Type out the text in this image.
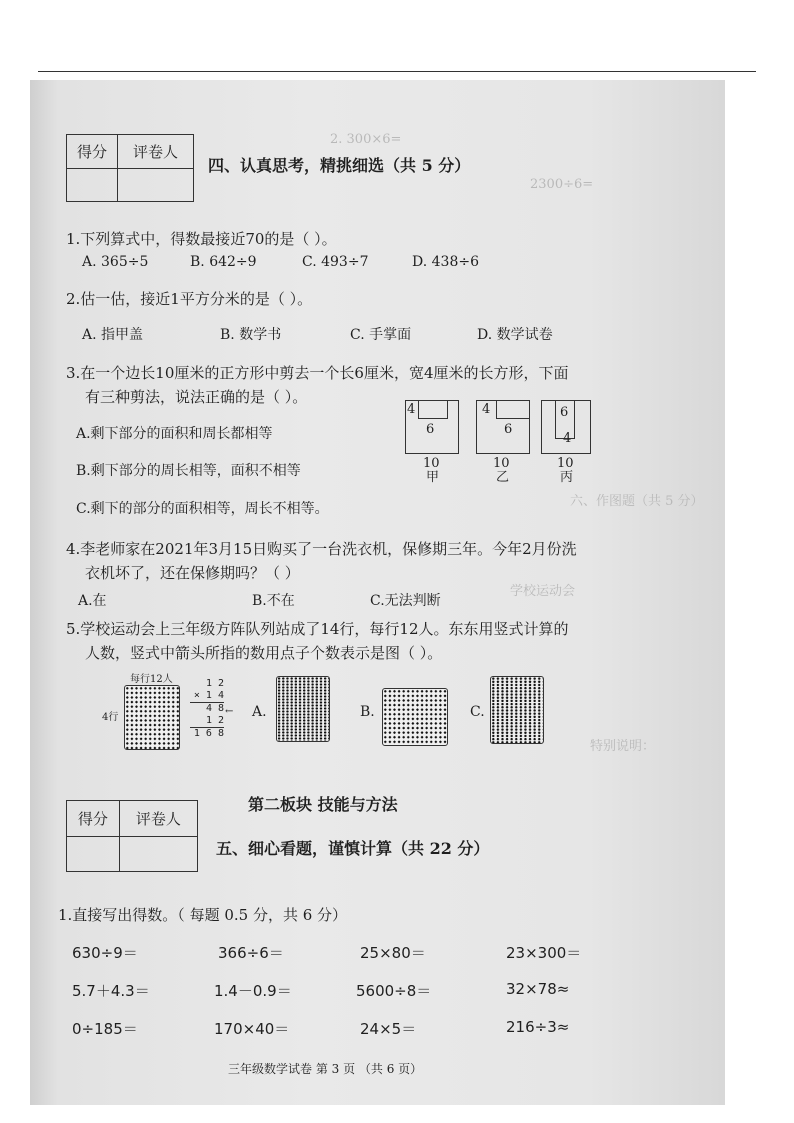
2. 300×6=
2300÷6=
六、作图题（共 5 分）
学校运动会
特别说明：
得分	评卷人

四、认真思考，精挑细选（共 5 分）
1.下列算式中，得数最接近70的是（ ）。
A. 365÷5	B. 642÷9	C. 493÷7	D. 438÷6
2.估一估，接近1平方分米的是（ ）。
A. 指甲盖	B. 数学书	C. 手掌面	D. 数学试卷
3.在一个边长10厘米的正方形中剪去一个长6厘米，宽4厘米的长方形，下面
有三种剪法，说法正确的是（ ）。
A.剩下部分的面积和周长都相等
B.剩下部分的周长相等，面积不相等
C.剩下的部分的面积相等，周长不相等。
4
6
10
甲
4
6
10
乙
6
4
10
丙
4.李老师家在2021年3月15日购买了一台洗衣机，保修期三年。今年2月份洗
衣机坏了，还在保修期吗？（ ）
A.在	B.不在	C.无法判断
5.学校运动会上三年级方阵队列站成了14行，每行12人。东东用竖式计算的
人数，竖式中箭头所指的数用点子个数表示是图（ ）。
每行12人
4行
1 2
× 1 4
4 8
1 2
1 6 8
← A.	B.	C.
第二板块 技能与方法
得分	评卷人

五、细心看题，谨慎计算（共 22 分）
1.直接写出得数。（ 每题 0.5 分，共 6 分）
630÷9＝	366÷6＝	25×80＝	23×300＝
5.7＋4.3＝	1.4－0.9＝	5600÷8＝	32×78≈
0÷185＝	170×40＝	24×5＝	216÷3≈
三年级数学试卷 第 3 页 （共 6 页）
